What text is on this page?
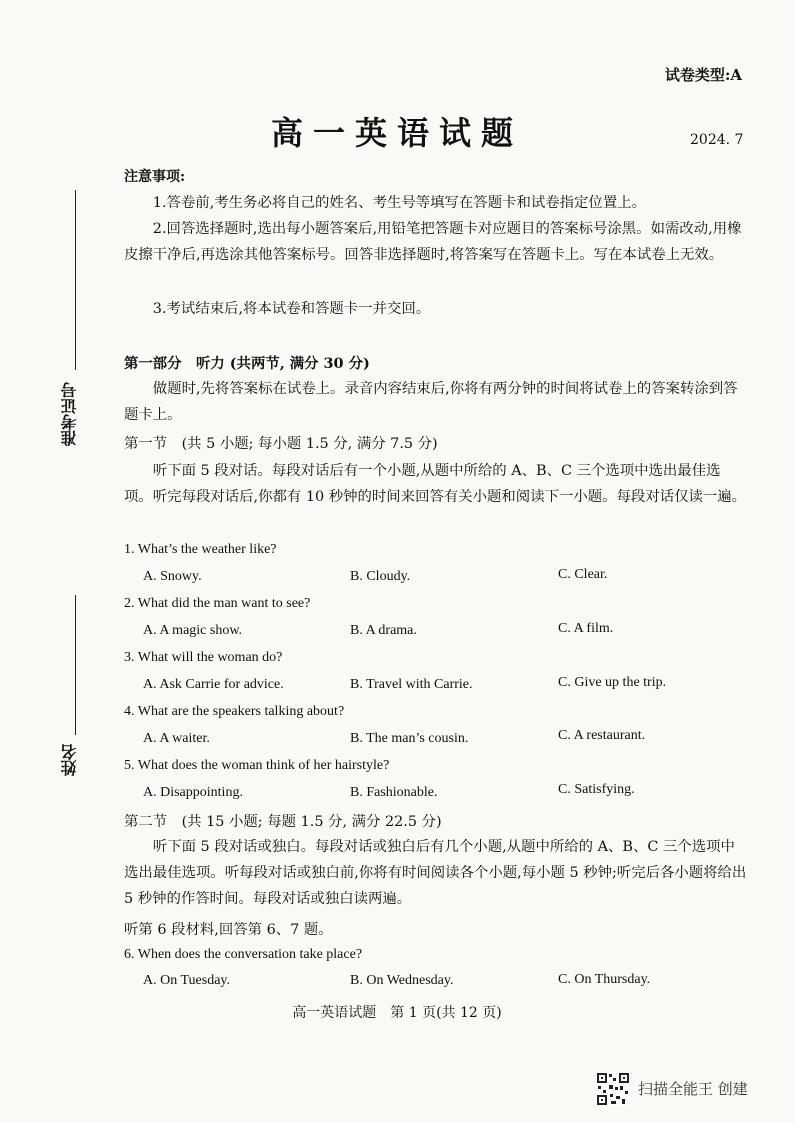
准考证号
姓名
试卷类型:A
高一英语试题	2024. 7
注意事项:
1.答卷前,考生务必将自己的姓名、考生号等填写在答题卡和试卷指定位置上。
2.回答选择题时,选出每小题答案后,用铅笔把答题卡对应题目的答案标号涂黑。如需改动,用橡皮擦干净后,再选涂其他答案标号。回答非选择题时,将答案写在答题卡上。写在本试卷上无效。
3.考试结束后,将本试卷和答题卡一并交回。
第一部分　听力 (共两节, 满分 30 分)
做题时,先将答案标在试卷上。录音内容结束后,你将有两分钟的时间将试卷上的答案转涂到答题卡上。
第一节　(共 5 小题; 每小题 1.5 分, 满分 7.5 分)
听下面 5 段对话。每段对话后有一个小题,从题中所给的 A、B、C 三个选项中选出最佳选项。听完每段对话后,你都有 10 秒钟的时间来回答有关小题和阅读下一小题。每段对话仅读一遍。
1. What’s the weather like?
A. Snowy.	B. Cloudy.	C. Clear.
2. What did the man want to see?
A. A magic show.	B. A drama.	C. A film.
3. What will the woman do?
A. Ask Carrie for advice.	B. Travel with Carrie.	C. Give up the trip.
4. What are the speakers talking about?
A. A waiter.	B. The man’s cousin.	C. A restaurant.
5. What does the woman think of her hairstyle?
A. Disappointing.	B. Fashionable.	C. Satisfying.
第二节　(共 15 小题; 每题 1.5 分, 满分 22.5 分)
听下面 5 段对话或独白。每段对话或独白后有几个小题,从题中所给的 A、B、C 三个选项中选出最佳选项。听每段对话或独白前,你将有时间阅读各个小题,每小题 5 秒钟;听完后各小题将给出 5 秒钟的作答时间。每段对话或独白读两遍。
听第 6 段材料,回答第 6、7 题。
6. When does the conversation take place?
A. On Tuesday.	B. On Wednesday.	C. On Thursday.
高一英语试题　第 1 页(共 12 页)
扫描全能王 创建
